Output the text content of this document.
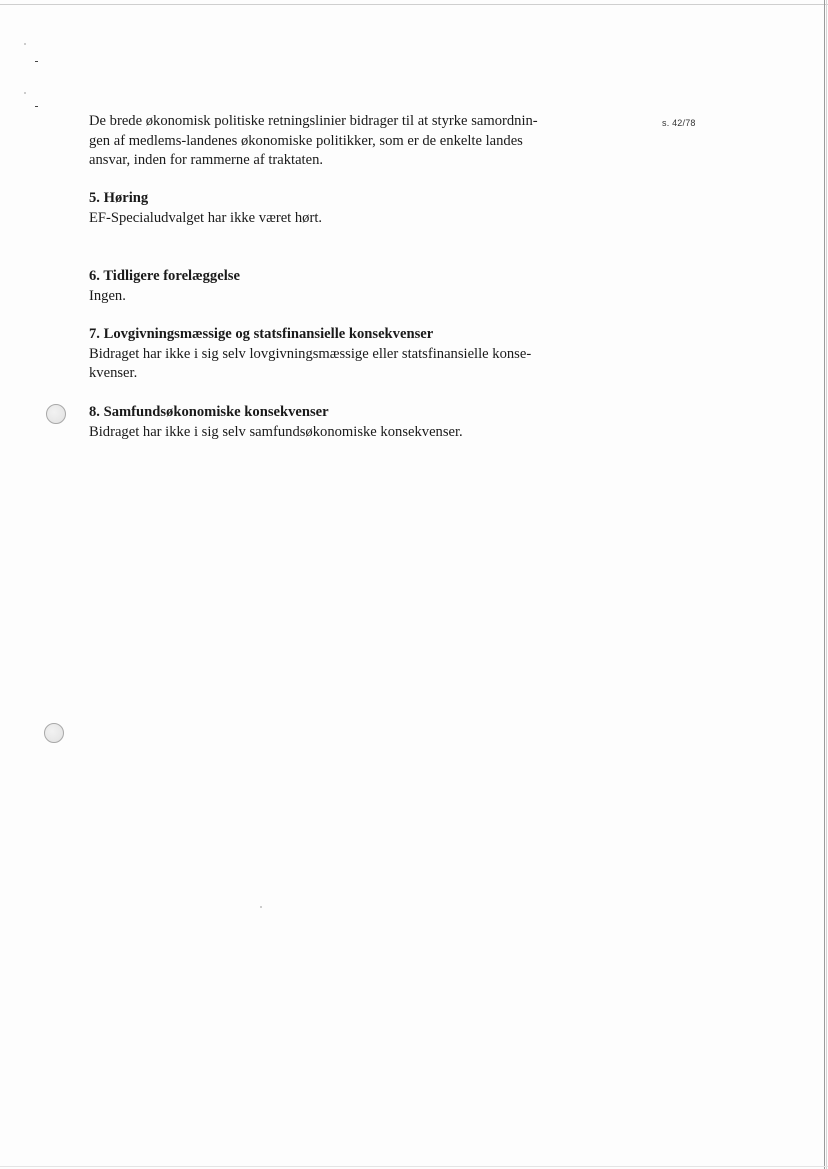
s. 42/78
De brede økonomisk politiske retningslinier bidrager til at styrke samordnin-
gen af medlems-landenes økonomiske politikker, som er de enkelte landes
ansvar, inden for rammerne af traktaten.
5. Høring
EF-Specialudvalget har ikke været hørt.
6. Tidligere forelæggelse
Ingen.
7. Lovgivningsmæssige og statsfinansielle konsekvenser
Bidraget har ikke i sig selv lovgivningsmæssige eller statsfinansielle konse-
kvenser.
8. Samfundsøkonomiske konsekvenser
Bidraget har ikke i sig selv samfundsøkonomiske konsekvenser.
